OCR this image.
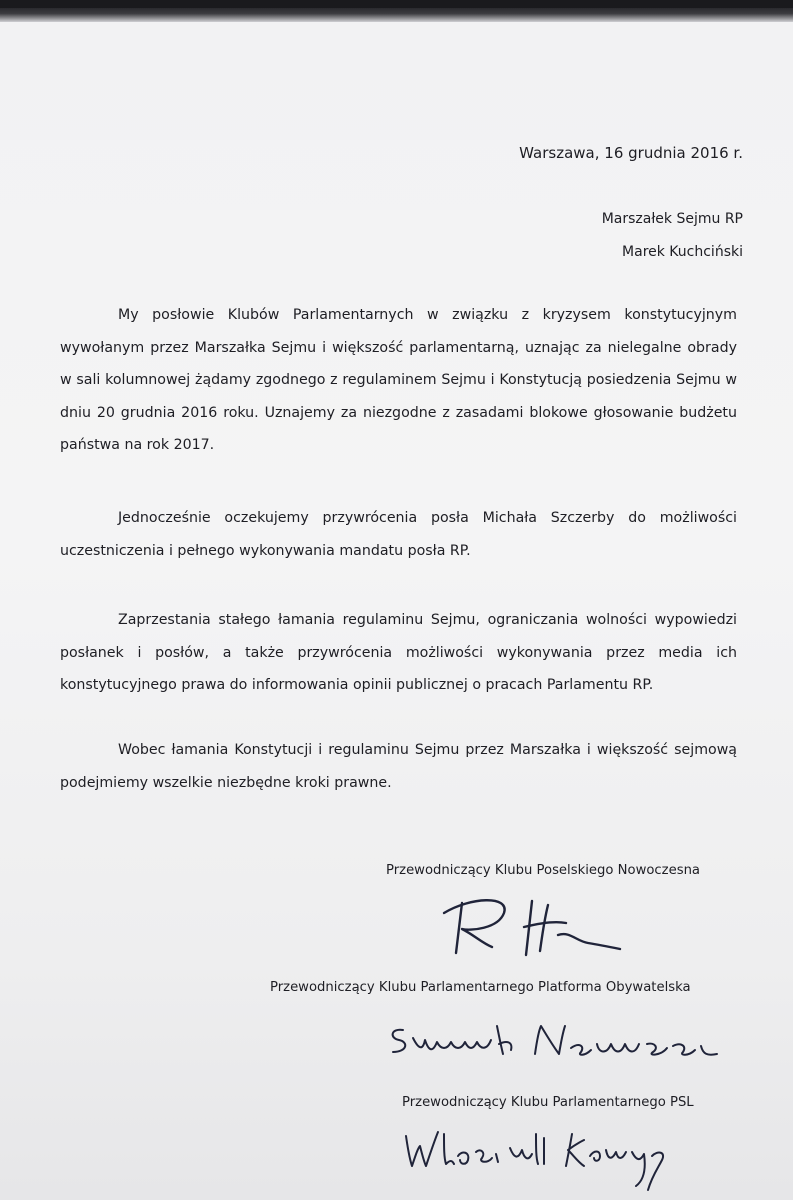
Warszawa, 16 grudnia 2016 r.
Marszałek Sejmu RP
Marek Kuchciński

My posłowie Klubów Parlamentarnych w związku z kryzysem konstytucyjnym wywołanym przez Marszałka Sejmu i większość parlamentarną, uznając za nielegalne obrady w sali kolumnowej żądamy zgodnego z regulaminem Sejmu i Konstytucją posiedzenia Sejmu w dniu 20 grudnia 2016 roku. Uznajemy za niezgodne z zasadami blokowe głosowanie budżetu państwa na rok 2017.

Jednocześnie oczekujemy przywrócenia posła Michała Szczerby do możliwości uczestniczenia i pełnego wykonywania mandatu posła RP.

Zaprzestania stałego łamania regulaminu Sejmu, ograniczania wolności wypowiedzi posłanek i posłów, a także przywrócenia możliwości wykonywania przez media ich konstytucyjnego prawa do informowania opinii publicznej o pracach Parlamentu RP.

Wobec łamania Konstytucji i regulaminu Sejmu przez Marszałka i większość sejmową podejmiemy wszelkie niezbędne kroki prawne.

Przewodniczący Klubu Poselskiego Nowoczesna
Przewodniczący Klubu Parlamentarnego Platforma Obywatelska
Przewodniczący Klubu Parlamentarnego PSL
